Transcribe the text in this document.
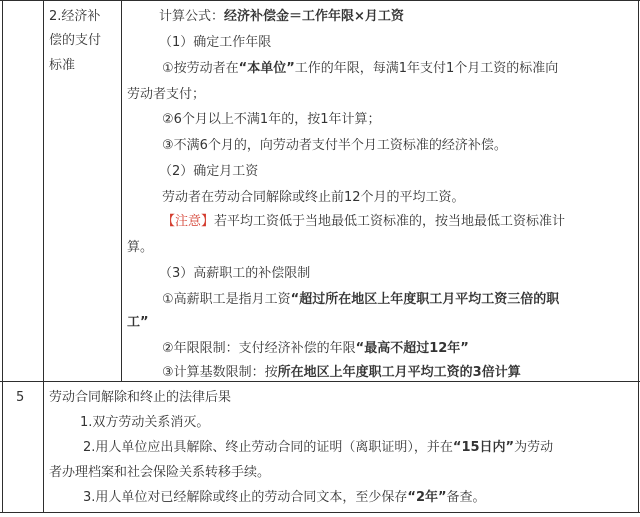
2.经济补
偿的支付
标准
计算公式：经济补偿金＝工作年限×月工资
（1）确定工作年限
①按劳动者在“本单位”工作的年限，每满1年支付1个月工资的标准向
劳动者支付；
②6个月以上不满1年的，按1年计算；
③不满6个月的，向劳动者支付半个月工资标准的经济补偿。
（2）确定月工资
劳动者在劳动合同解除或终止前12个月的平均工资。
【注意】若平均工资低于当地最低工资标准的，按当地最低工资标准计
算。
（3）高薪职工的补偿限制
①高薪职工是指月工资“超过所在地区上年度职工月平均工资三倍的职
工”
②年限限制：支付经济补偿的年限“最高不超过12年”
③计算基数限制：按所在地区上年度职工月平均工资的3倍计算
5 劳动合同解除和终止的法律后果
1.双方劳动关系消灭。
2.用人单位应出具解除、终止劳动合同的证明（离职证明），并在“15日内”为劳动
者办理档案和社会保险关系转移手续。
3.用人单位对已经解除或终止的劳动合同文本，至少保存“2年”备查。
